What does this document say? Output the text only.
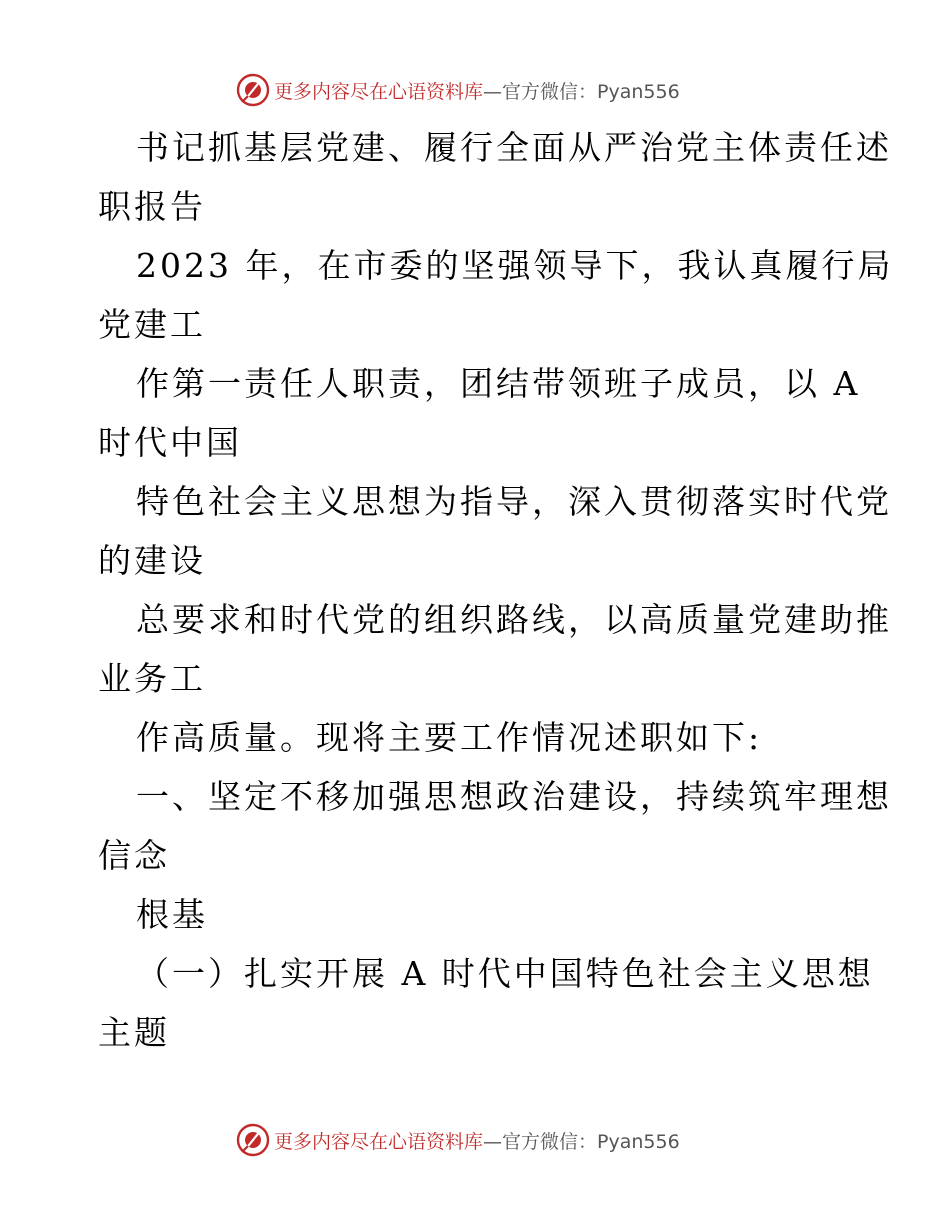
更多内容尽在心语资料库—官方微信：Pyan556

书记抓基层党建、履行全面从严治党主体责任述

职报告

2023 年，在市委的坚强领导下，我认真履行局

党建工

作第一责任人职责，团结带领班子成员，以 A

时代中国

特色社会主义思想为指导，深入贯彻落实时代党

的建设

总要求和时代党的组织路线，以高质量党建助推

业务工

作高质量。现将主要工作情况述职如下:

一、坚定不移加强思想政治建设，持续筑牢理想

信念

根基

（一）扎实开展 A 时代中国特色社会主义思想

主题

更多内容尽在心语资料库—官方微信：Pyan556
